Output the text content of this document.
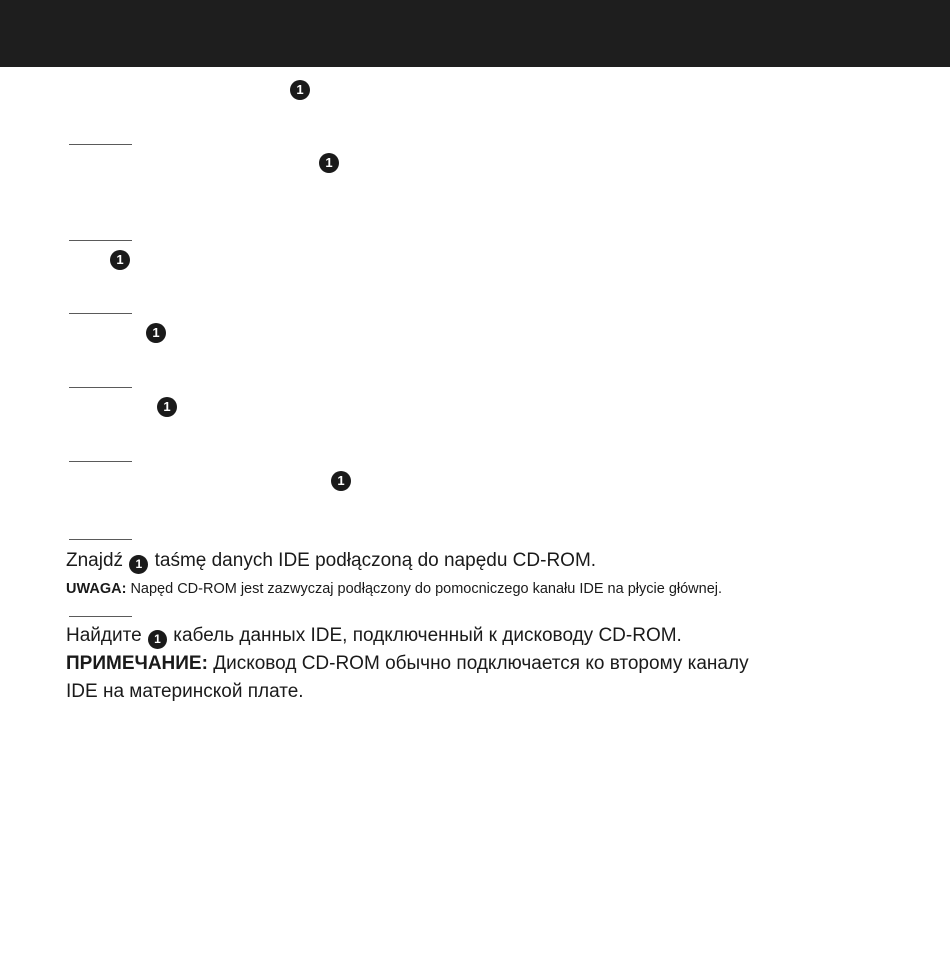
1
1
1
1
1
1
Znajdź 1 taśmę danych IDE podłączoną do napędu CD-ROM.
UWAGA: Napęd CD-ROM jest zazwyczaj podłączony do pomocniczego kanału IDE na płycie głównej.
Найдите 1 кабель данных IDE, подключенный к дисководу CD-ROM.
ПРИМЕЧАНИЕ: Дисковод CD-ROM обычно подключается ко второму каналу
IDE на материнской плате.
